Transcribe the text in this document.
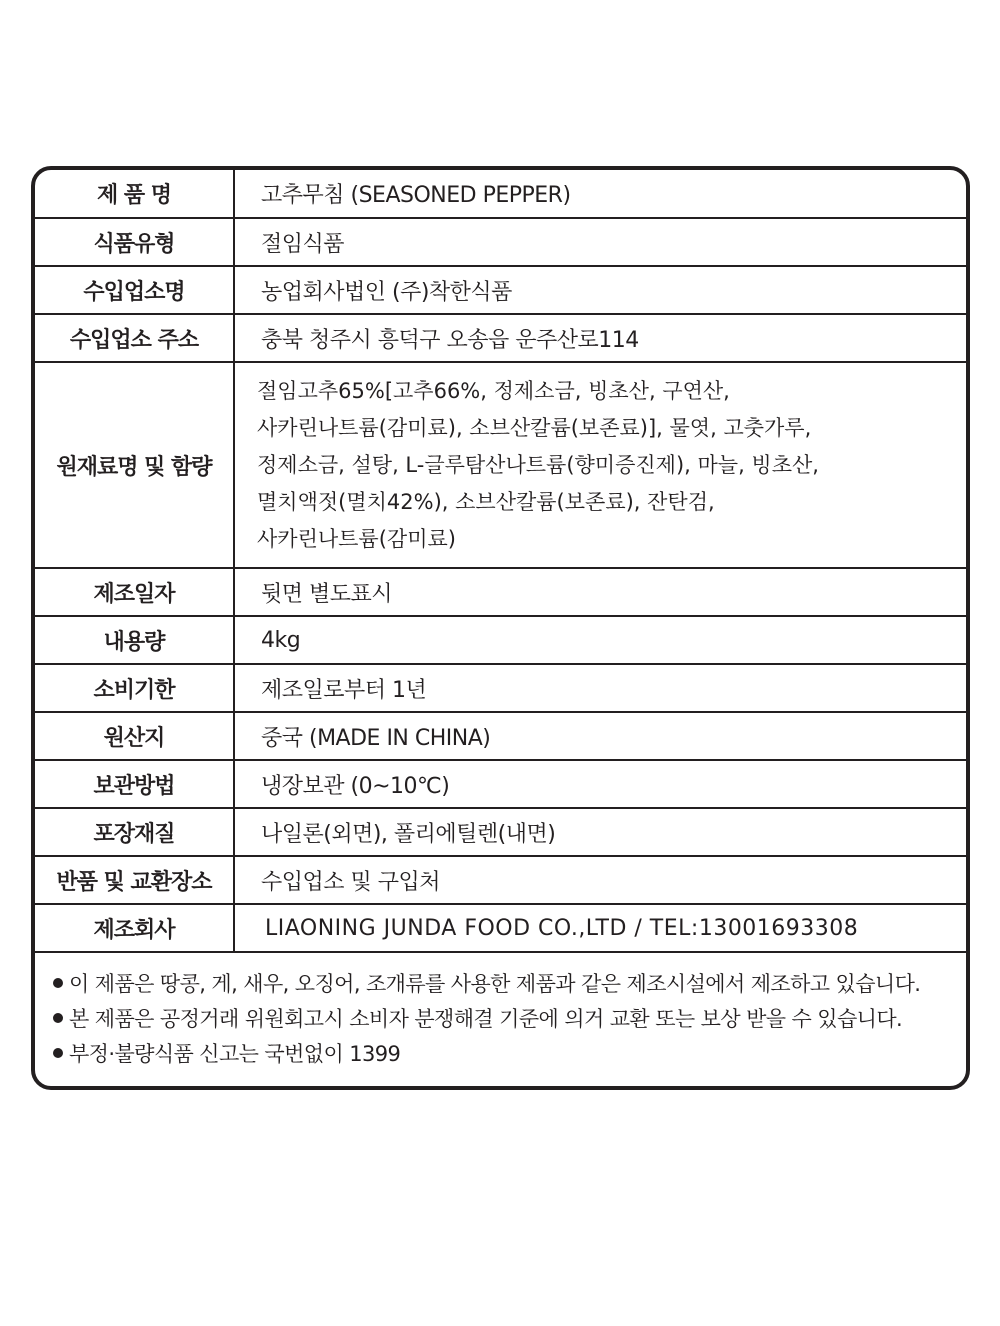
제 품 명	고추무침 (SEASONED PEPPER)
식품유형	절임식품
수입업소명	농업회사법인 (주)착한식품
수입업소 주소	충북 청주시 흥덕구 오송읍 운주산로114
원재료명 및 함량	절임고추65%[고추66%, 정제소금, 빙초산, 구연산,
사카린나트륨(감미료), 소브산칼륨(보존료)], 물엿, 고춧가루,
정제소금, 설탕, L-글루탐산나트륨(향미증진제), 마늘, 빙초산,
멸치액젓(멸치42%), 소브산칼륨(보존료), 잔탄검,
사카린나트륨(감미료)

제조일자	뒷면 별도표시
내용량	4kg
소비기한	제조일로부터 1년
원산지	중국 (MADE IN CHINA)
보관방법	냉장보관 (0~10℃)
포장재질	나일론(외면), 폴리에틸렌(내면)
반품 및 교환장소	수입업소 및 구입처
제조회사	LIAONING JUNDA FOOD CO.,LTD / TEL:13001693308
이 제품은 땅콩, 게, 새우, 오징어, 조개류를 사용한 제품과 같은 제조시설에서 제조하고 있습니다.
본 제품은 공정거래 위원회고시 소비자 분쟁해결 기준에 의거 교환 또는 보상 받을 수 있습니다.
부정·불량식품 신고는 국번없이 1399
